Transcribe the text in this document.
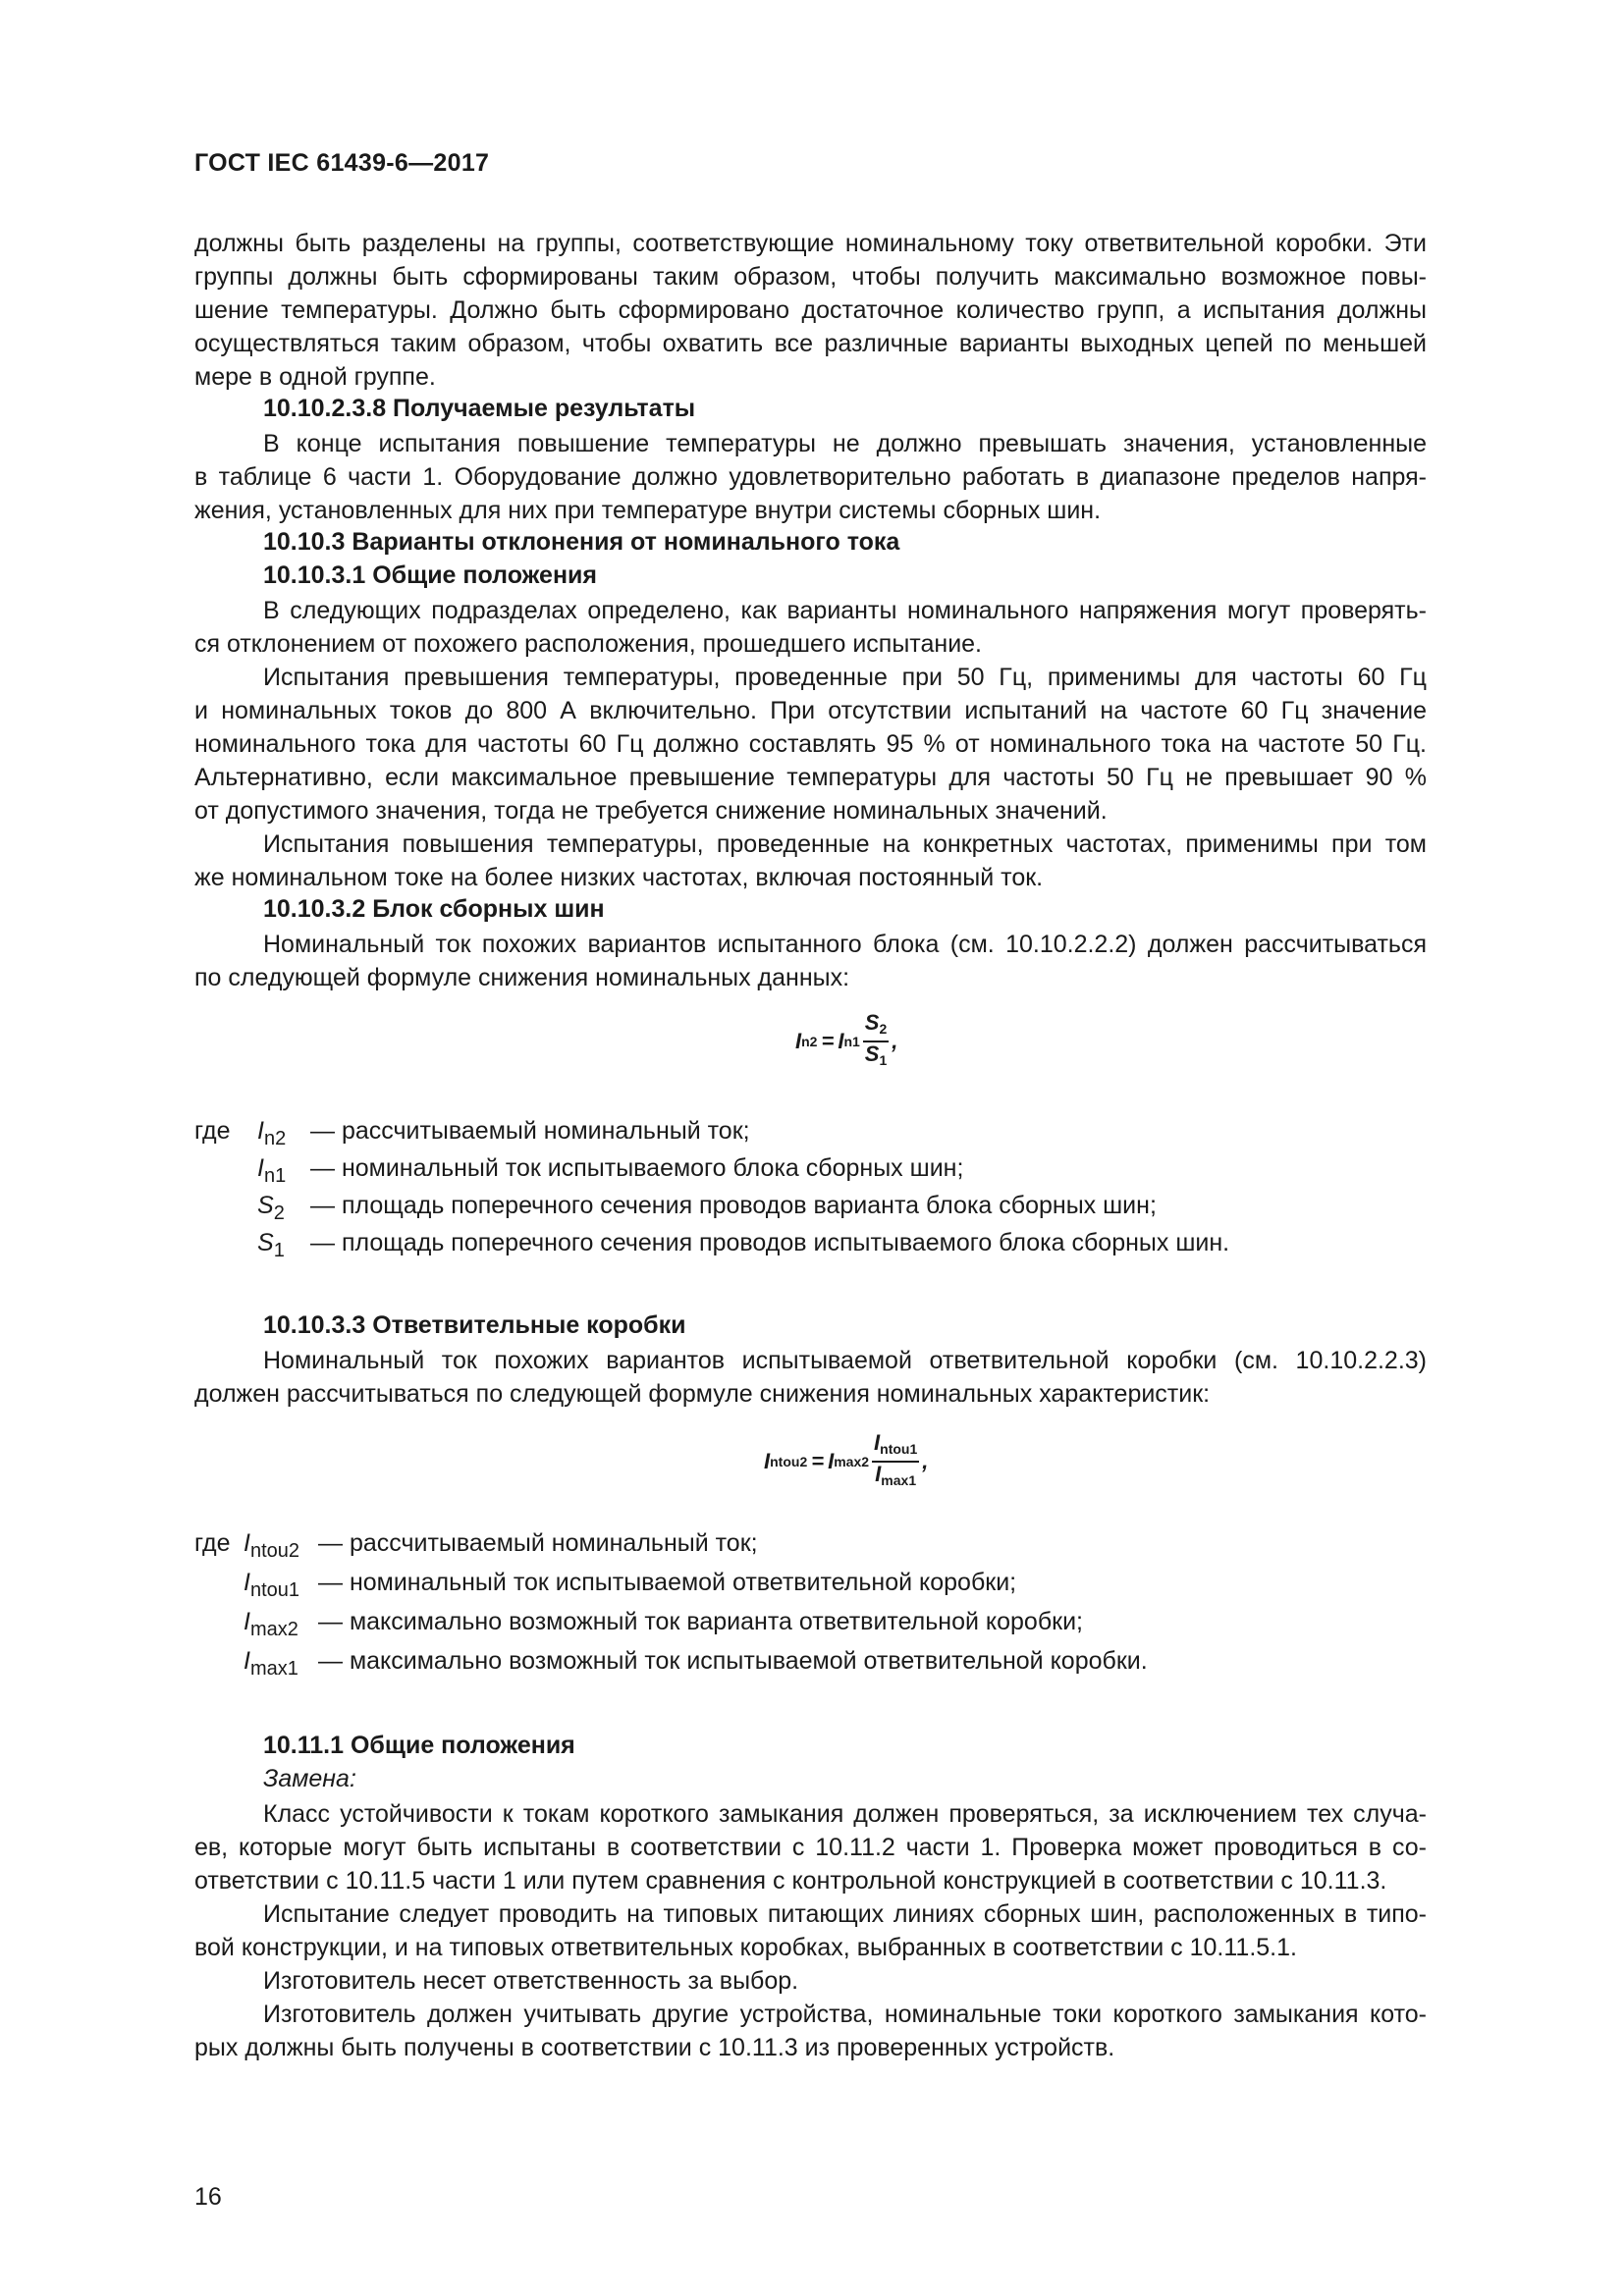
ГОСТ IEC 61439-6—2017
должны быть разделены на группы, соответствующие номинальному току ответвительной коробки. Эти
группы должны быть сформированы таким образом, чтобы получить максимально возможное повы-
шение температуры. Должно быть сформировано достаточное количество групп, а испытания должны
осуществляться таким образом, чтобы охватить все различные варианты выходных цепей по меньшей
мере в одной группе.
10.10.2.3.8 Получаемые результаты
В конце испытания повышение температуры не должно превышать значения, установленные
в таблице 6 части 1. Оборудование должно удовлетворительно работать в диапазоне пределов напря-
жения, установленных для них при температуре внутри системы сборных шин.
10.10.3 Варианты отклонения от номинального тока
10.10.3.1 Общие положения
В следующих подразделах определено, как варианты номинального напряжения могут проверять-
ся отклонением от похожего расположения, прошедшего испытание.
Испытания превышения температуры, проведенные при 50 Гц, применимы для частоты 60 Гц
и номинальных токов до 800 А включительно. При отсутствии испытаний на частоте 60 Гц значение
номинального тока для частоты 60 Гц должно составлять 95 % от номинального тока на частоте 50 Гц.
Альтернативно, если максимальное превышение температуры для частоты 50 Гц не превышает 90 %
от допустимого значения, тогда не требуется снижение номинальных значений.
Испытания повышения температуры, проведенные на конкретных частотах, применимы при том
же номинальном токе на более низких частотах, включая постоянный ток.
10.10.3.2 Блок сборных шин
Номинальный ток похожих вариантов испытанного блока (см. 10.10.2.2.2) должен рассчитываться
по следующей формуле снижения номинальных данных:
I n2 = I $n1 \frac{S_2}{S_1}$ ,
где $I_{n2}$ — рассчитываемый номинальный ток;
$I_{n1}$ — номинальный ток испытываемого блока сборных шин;
$S_2$ — площадь поперечного сечения проводов варианта блока сборных шин;
$S_1$ — площадь поперечного сечения проводов испытываемого блока сборных шин.
10.10.3.3 Ответвительные коробки
Номинальный ток похожих вариантов испытываемой ответвительной коробки (см. 10.10.2.2.3)
должен рассчитываться по следующей формуле снижения номинальных характеристик:
I ntou2 = I $\max 2 \frac{I_{ntou1}}{I_{max1}}$ ,
где $I_{ntou2}$ — рассчитываемый номинальный ток;
$I_{ntou1}$ — номинальный ток испытываемой ответвительной коробки;
$I_{max2}$ — максимально возможный ток варианта ответвительной коробки;
$I_{max1}$ — максимально возможный ток испытываемой ответвительной коробки.
10.11.1 Общие положения
Замена:
Класс устойчивости к токам короткого замыкания должен проверяться, за исключением тех случа-
ев, которые могут быть испытаны в соответствии с 10.11.2 части 1. Проверка может проводиться в со-
ответствии с 10.11.5 части 1 или путем сравнения с контрольной конструкцией в соответствии с 10.11.3.
Испытание следует проводить на типовых питающих линиях сборных шин, расположенных в типо-
вой конструкции, и на типовых ответвительных коробках, выбранных в соответствии с 10.11.5.1.
Изготовитель несет ответственность за выбор.
Изготовитель должен учитывать другие устройства, номинальные токи короткого замыкания кото-
рых должны быть получены в соответствии с 10.11.3 из проверенных устройств.
16
